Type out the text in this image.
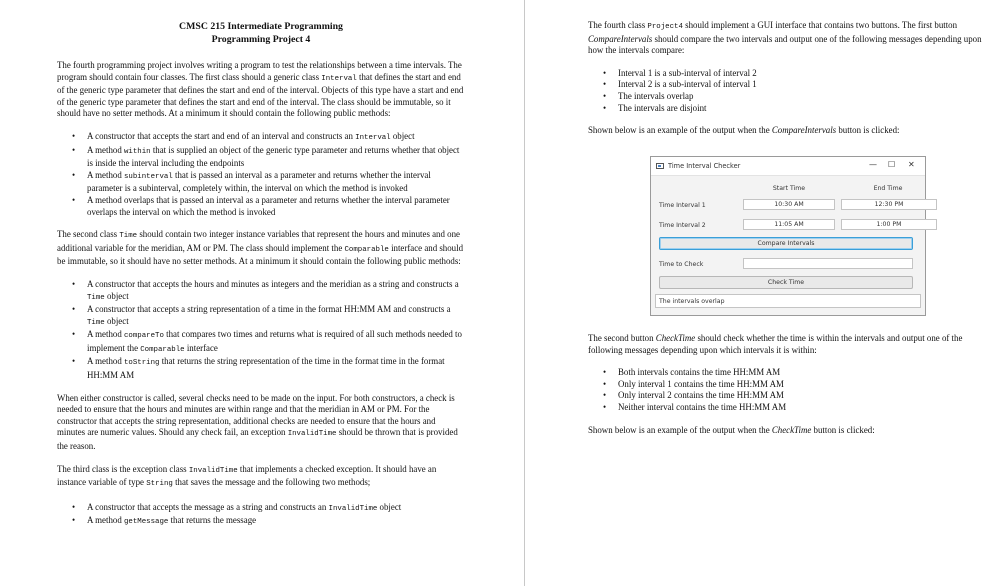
CMSC 215 Intermediate Programming
Programming Project 4

The fourth programming project involves writing a program to test the relationships between a time intervals. The program should contain four classes. The first class should a generic class Interval that defines the start and end of the generic type parameter that defines the start and end of the interval. Objects of this type have a start and end of the generic type parameter that defines the start and end of the interval. The class should be immutable, so it should have no setter methods. At a minimum it should contain the following public methods:

• A constructor that accepts the start and end of an interval and constructs an Interval object
• A method within that is supplied an object of the generic type parameter and returns whether that object is inside the interval including the endpoints
• A method subinterval that is passed an interval as a parameter and returns whether the interval parameter is a subinterval, completely within, the interval on which the method is invoked
• A method overlaps that is passed an interval as a parameter and returns whether the interval parameter overlaps the interval on which the method is invoked

The second class Time should contain two integer instance variables that represent the hours and minutes and one additional variable for the meridian, AM or PM. The class should implement the Comparable interface and should be immutable, so it should have no setter methods. At a minimum it should contain the following public methods:

• A constructor that accepts the hours and minutes as integers and the meridian as a string and constructs a Time object
• A constructor that accepts a string representation of a time in the format HH:MM AM and constructs a Time object
• A method compareTo that compares two times and returns what is required of all such methods needed to implement the Comparable interface
• A method toString that returns the string representation of the time in the format time in the format HH:MM AM

When either constructor is called, several checks need to be made on the input. For both constructors, a check is needed to ensure that the hours and minutes are within range and that the meridian in AM or PM. For the constructor that accepts the string representation, additional checks are needed to ensure that the hours and minutes are numeric values. Should any check fail, an exception InvalidTime should be thrown that is provided the reason.

The third class is the exception class InvalidTime that implements a checked exception. It should have an instance variable of type String that saves the message and the following two methods;

• A constructor that accepts the message as a string and constructs an InvalidTime object
• A method getMessage that returns the message

The fourth class Project4 should implement a GUI interface that contains two buttons. The first button CompareIntervals should compare the two intervals and output one of the following messages depending upon how the intervals compare:

• Interval 1 is a sub-interval of interval 2
• Interval 2 is a sub-interval of interval 1
• The intervals overlap
• The intervals are disjoint

Shown below is an example of the output when the CompareIntervals button is clicked:

Time Interval Checker	— ☐ ✕
Start Time	End Time
Time Interval 1	10:30 AM	12:30 PM
Time Interval 2	11:05 AM	1:00 PM
Compare Intervals
Time to Check
Check Time
The intervals overlap

The second button CheckTime should check whether the time is within the intervals and output one of the following messages depending upon which intervals it is within:

• Both intervals contains the time HH:MM AM
• Only interval 1 contains the time HH:MM AM
• Only interval 2 contains the time HH:MM AM
• Neither interval contains the time HH:MM AM

Shown below is an example of the output when the CheckTime button is clicked:
